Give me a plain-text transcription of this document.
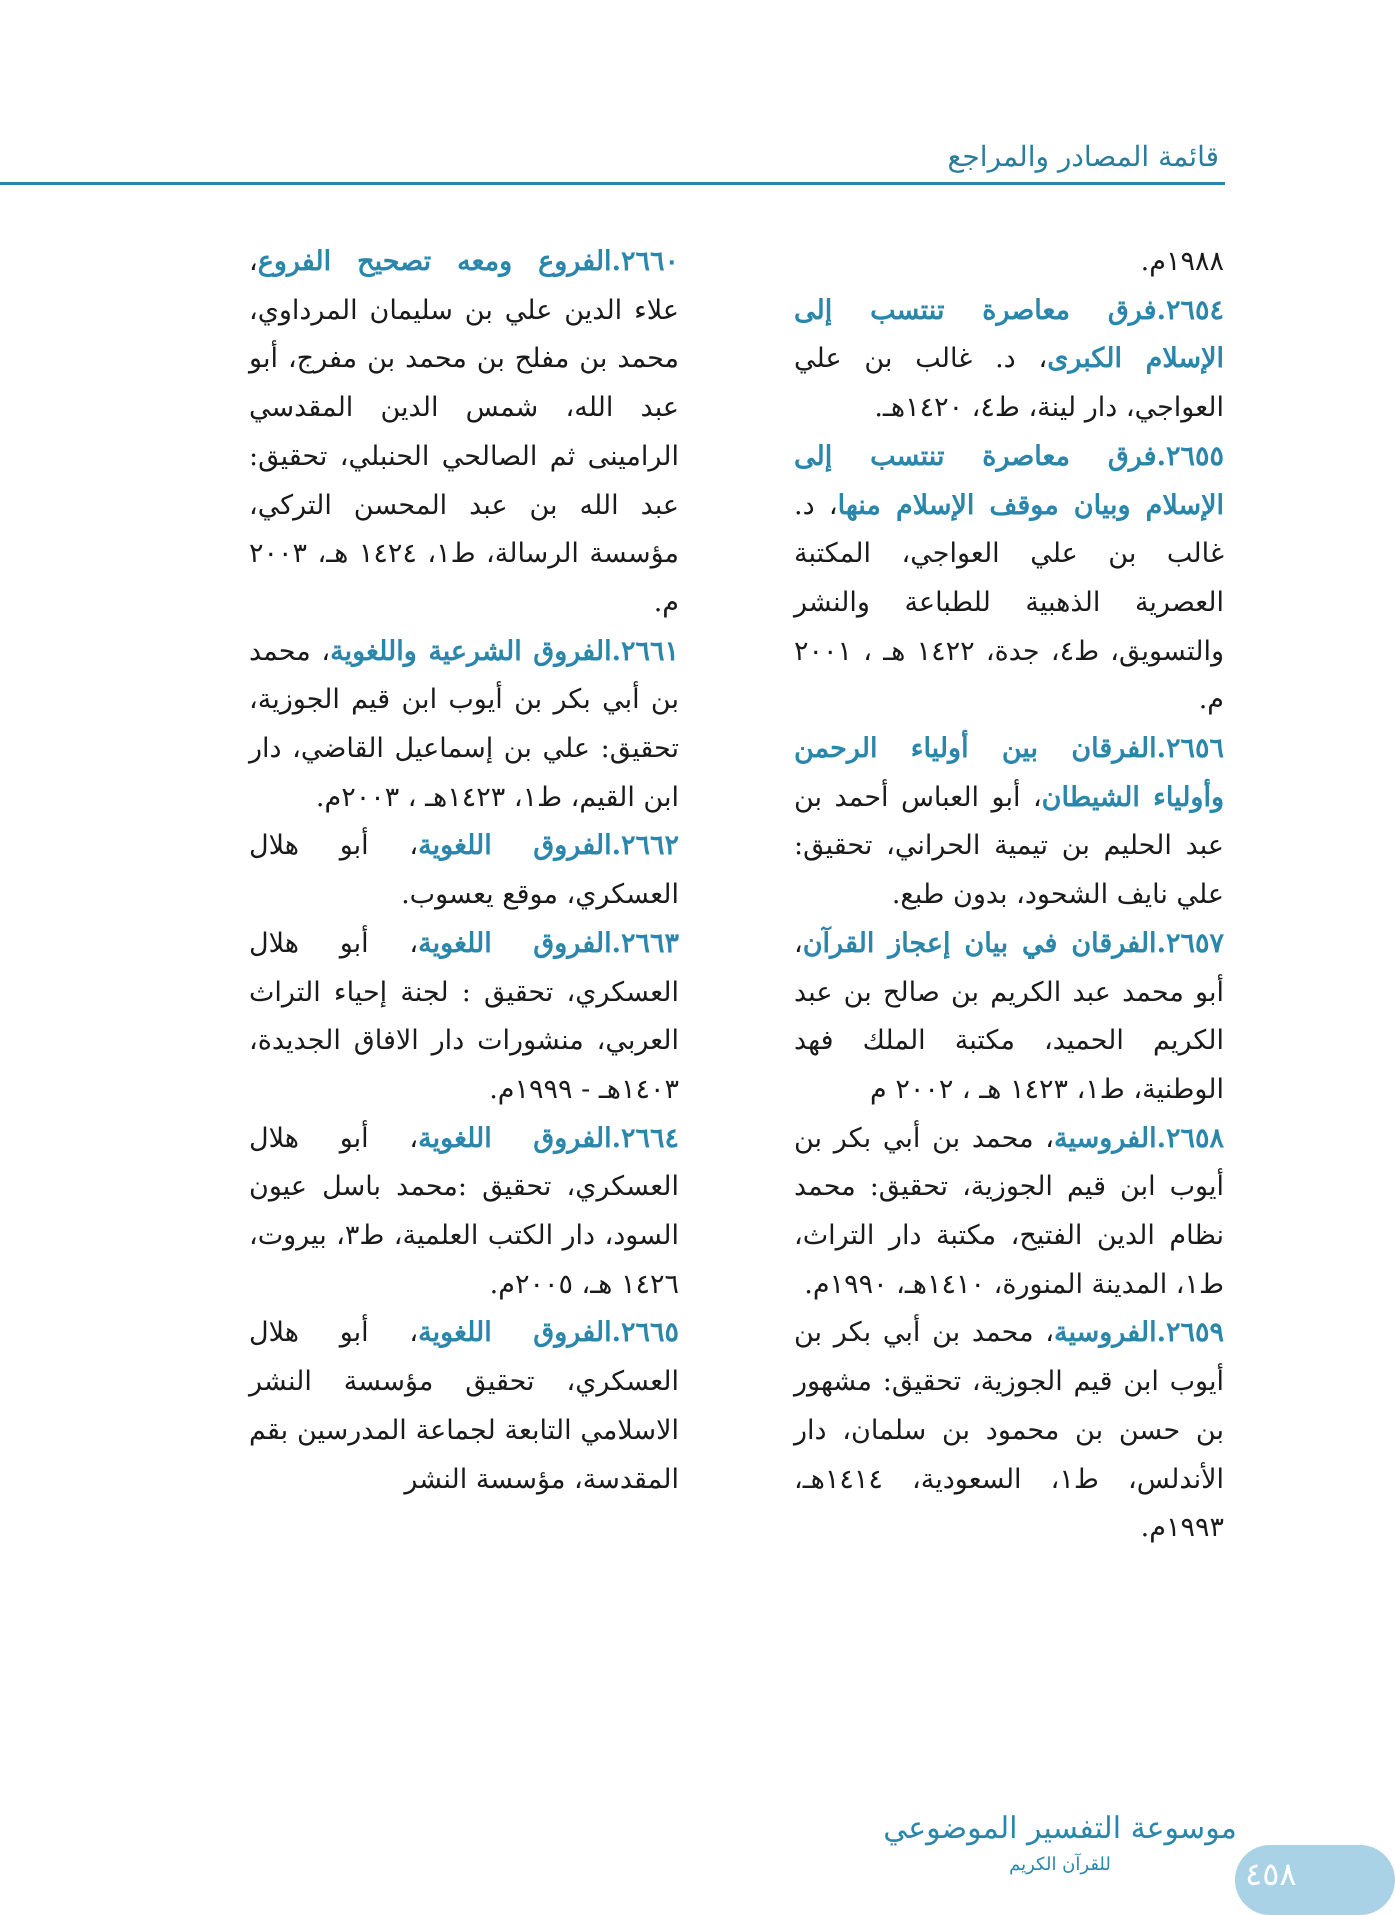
قائمة المصادر والمراجع

١٩٨٨م.

٢٦٥٤.فرق معاصرة تنتسب إلى الإسلام الكبرى، د. غالب بن علي العواجي، دار لينة، ط٤، ١٤٢٠هـ.

٢٦٥٥.فرق معاصرة تنتسب إلى الإسلام وبيان موقف الإسلام منها، د. غالب بن علي العواجي، المكتبة العصرية الذهبية للطباعة والنشر والتسويق، ط٤، جدة، ١٤٢٢ هـ ، ٢٠٠١ م.

٢٦٥٦.الفرقان بين أولياء الرحمن وأولياء الشيطان، أبو العباس أحمد بن عبد الحليم بن تيمية الحراني، تحقيق: علي نايف الشحود، بدون طبع.

٢٦٥٧.الفرقان في بيان إعجاز القرآن، أبو محمد عبد الكريم بن صالح بن عبد الكريم الحميد، مكتبة الملك فهد الوطنية، ط١، ١٤٢٣ هـ ، ٢٠٠٢ م

٢٦٥٨.الفروسية، محمد بن أبي بكر بن أيوب ابن قيم الجوزية، تحقيق: محمد نظام الدين الفتيح، مكتبة دار التراث، ط١، المدينة المنورة، ١٤١٠هـ، ١٩٩٠م.

٢٦٥٩.الفروسية، محمد بن أبي بكر بن أيوب ابن قيم الجوزية، تحقيق: مشهور بن حسن بن محمود بن سلمان، دار الأندلس، ط١، السعودية، ١٤١٤هـ، ١٩٩٣م.

٢٦٦٠.الفروع ومعه تصحيح الفروع، علاء الدين علي بن سليمان المرداوي، محمد بن مفلح بن محمد بن مفرج، أبو عبد الله، شمس الدين المقدسي الرامينى ثم الصالحي الحنبلي، تحقيق: عبد الله بن عبد المحسن التركي، مؤسسة الرسالة، ط١، ١٤٢٤ هـ، ٢٠٠٣ م.

٢٦٦١.الفروق الشرعية واللغوية، محمد بن أبي بكر بن أيوب ابن قيم الجوزية، تحقيق: علي بن إسماعيل القاضي، دار ابن القيم، ط١، ١٤٢٣هـ ، ٢٠٠٣م.

٢٦٦٢.الفروق اللغوية، أبو هلال العسكري، موقع يعسوب.

٢٦٦٣.الفروق اللغوية، أبو هلال العسكري، تحقيق : لجنة إحياء التراث العربي، منشورات دار الافاق الجديدة، ١٤٠٣هـ - ١٩٩٩م.

٢٦٦٤.الفروق اللغوية، أبو هلال العسكري، تحقيق :محمد باسل عيون السود، دار الكتب العلمية، ط٣، بيروت، ١٤٢٦ هـ، ٢٠٠٥م.

٢٦٦٥.الفروق اللغوية، أبو هلال العسكري، تحقيق مؤسسة النشر الاسلامي التابعة لجماعة المدرسين بقم المقدسة، مؤسسة النشر

موسوعة التفسير الموضوعي
للقرآن الكريم	٤٥٨
